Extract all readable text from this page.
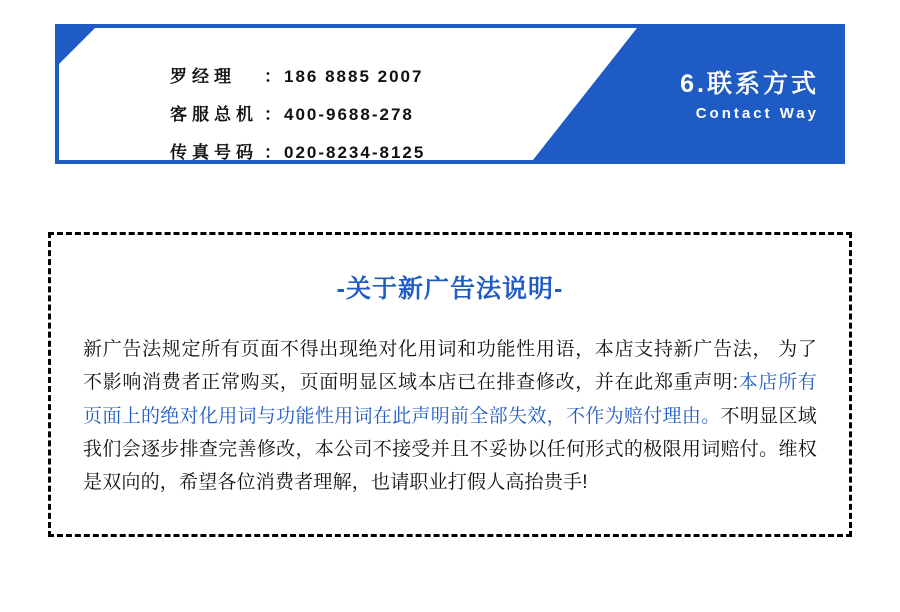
罗经理	： 186 8885 2007
客服总机 ： 400-9688-278
传真号码 ： 020-8234-8125
6.联系方式
Contact Way
-关于新广告法说明-
新广告法规定所有页面不得出现绝对化用词和功能性用语，本店支持新广告法， 为了不影响消费者正常购买，页面明显区域本店已在排查修改，并在此郑重声明:本店所有页面上的绝对化用词与功能性用词在此声明前全部失效，不作为赔付理由。不明显区域我们会逐步排查完善修改，本公司不接受并且不妥协以任何形式的极限用词赔付。维权是双向的，希望各位消费者理解，也请职业打假人高抬贵手!
